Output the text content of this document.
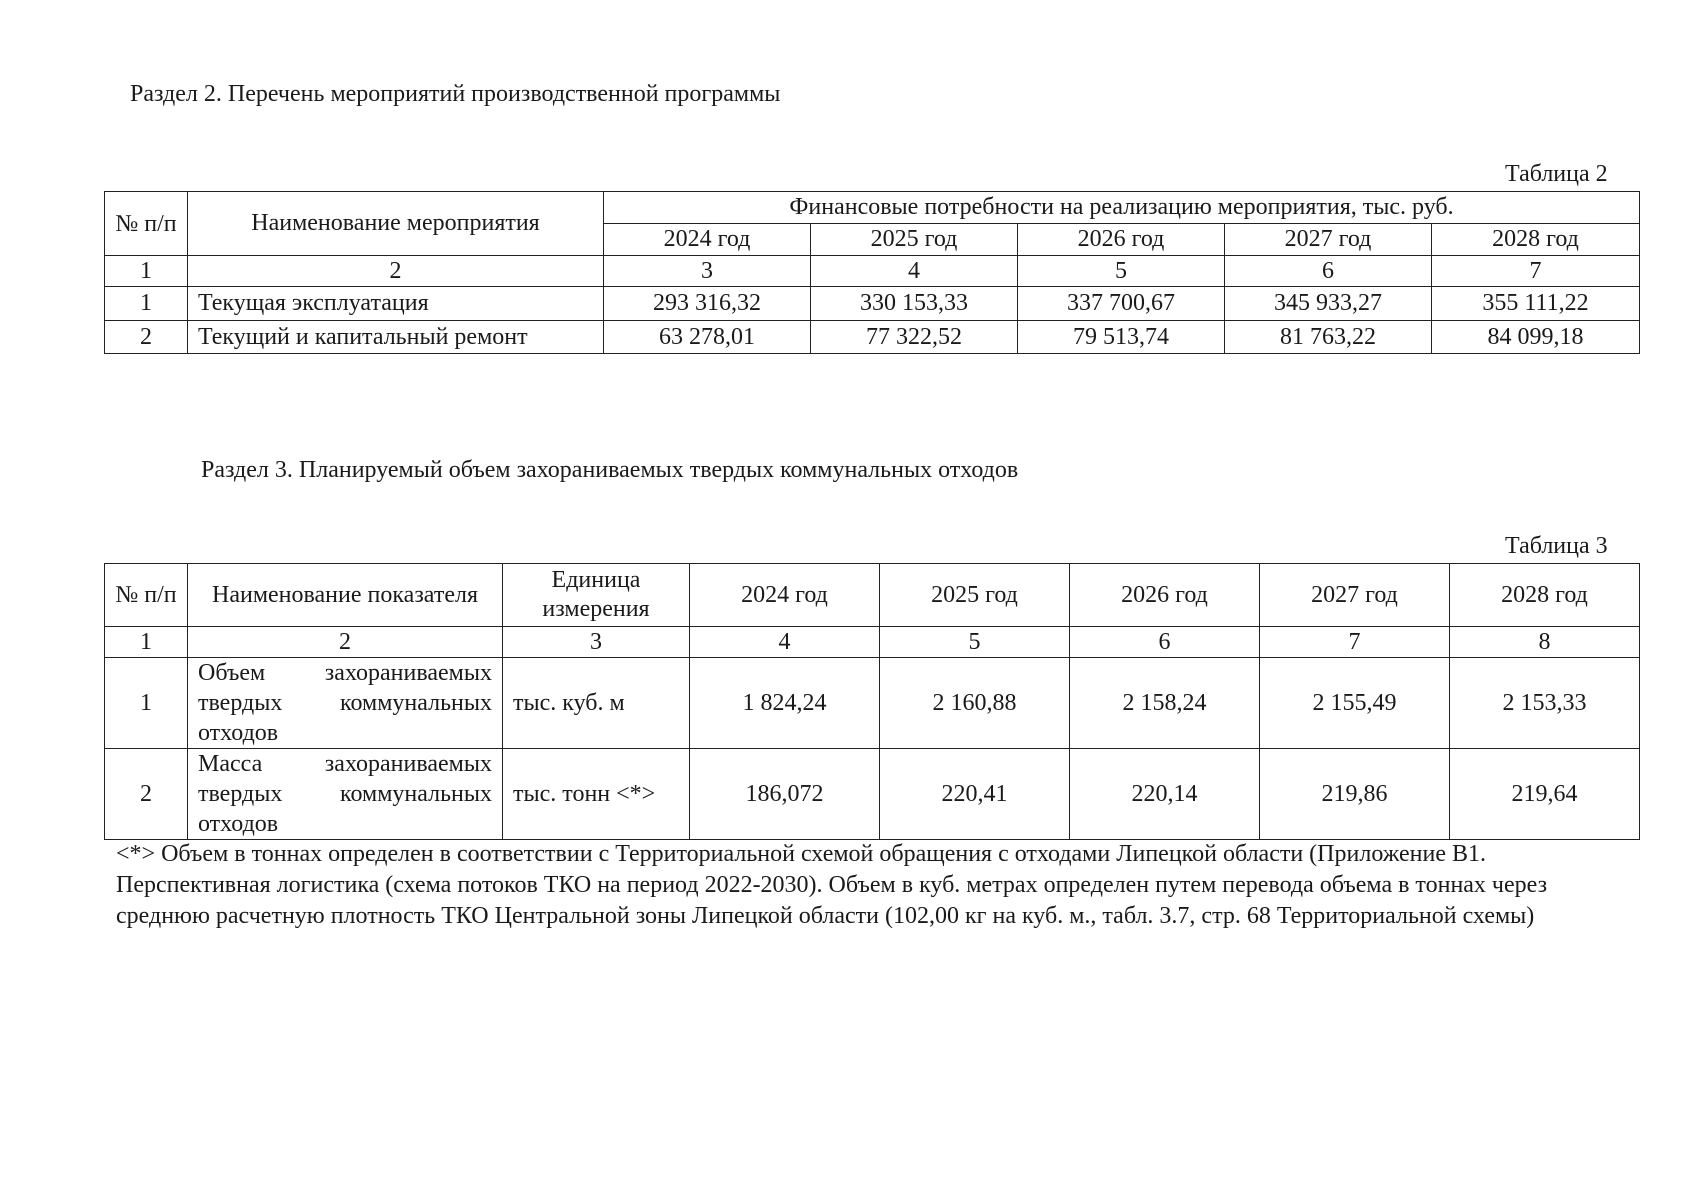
Раздел 2. Перечень мероприятий производственной программы
Таблица 2
№ п/п	Наименование мероприятия	Финансовые потребности на реализацию мероприятия, тыс. руб.				
		2024 год	2025 год	2026 год	2027 год	2028 год
1	2	3	4	5	6	7
1	Текущая эксплуатация	293 316,32	330 153,33	337 700,67	345 933,27	355 111,22
2	Текущий и капитальный ремонт	63 278,01	77 322,52	79 513,74	81 763,22	84 099,18
Раздел 3. Планируемый объем захораниваемых твердых коммунальных отходов
Таблица 3
№ п/п	Наименование показателя	Единица измерения	2024 год	2025 год	2026 год	2027 год	2028 год
1	2	3	4	5	6	7	8
1	Объем захораниваемых твердых коммунальных отходов	тыс. куб. м	1 824,24	2 160,88	2 158,24	2 155,49	2 153,33
2	Масса захораниваемых твердых коммунальных отходов	тыс. тонн <*>	186,072	220,41	220,14	219,86	219,64

<*> Объем в тоннах определен в соответствии с Территориальной схемой обращения с отходами Липецкой области (Приложение В1. Перспективная логистика (схема потоков ТКО на период 2022-2030). Объем в куб. метрах определен путем перевода объема в тоннах через среднюю расчетную плотность ТКО Центральной зоны Липецкой области (102,00 кг на куб. м., табл. 3.7, стр. 68 Территориальной схемы)
